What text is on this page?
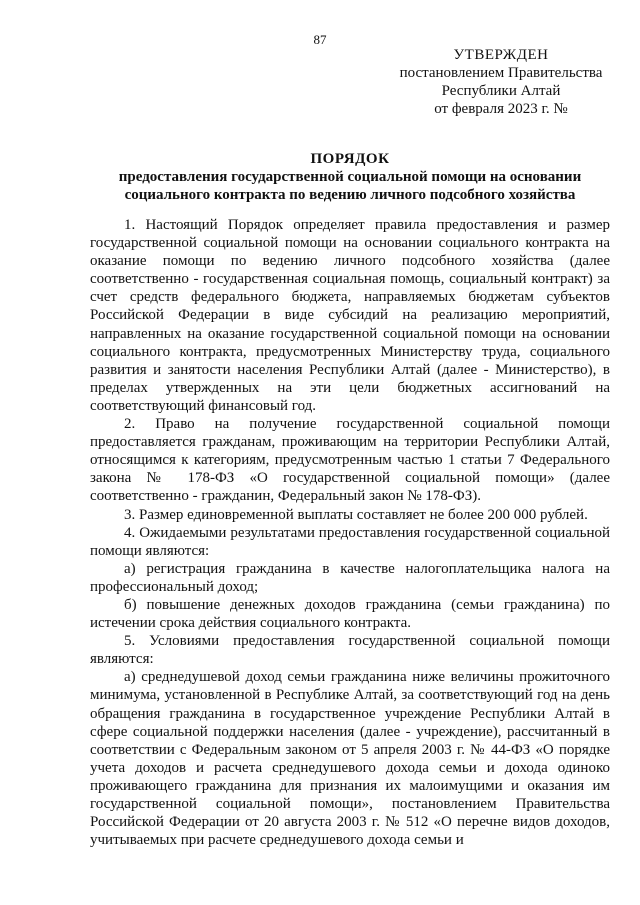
87
УТВЕРЖДЕН
постановлением Правительства
Республики Алтай
от февраля 2023 г. №
ПОРЯДОК
предоставления государственной социальной помощи на основании
социального контракта по ведению личного подсобного хозяйства

1. Настоящий Порядок определяет правила предоставления и размер государственной социальной помощи на основании социального контракта на оказание помощи по ведению личного подсобного хозяйства (далее соответственно - государственная социальная помощь, социальный контракт) за счет средств федерального бюджета, направляемых бюджетам субъектов Российской Федерации в виде субсидий на реализацию мероприятий, направленных на оказание государственной социальной помощи на основании социального контракта, предусмотренных Министерству труда, социального развития и занятости населения Республики Алтай (далее - Министерство), в пределах утвержденных на эти цели бюджетных ассигнований на соответствующий финансовый год.

2. Право на получение государственной социальной помощи предоставляется гражданам, проживающим на территории Республики Алтай, относящимся к категориям, предусмотренным частью 1 статьи 7 Федерального закона № 178-ФЗ «О государственной социальной помощи» (далее соответственно - гражданин, Федеральный закон № 178-ФЗ).

3. Размер единовременной выплаты составляет не более 200 000 рублей.

4. Ожидаемыми результатами предоставления государственной социальной помощи являются:

а) регистрация гражданина в качестве налогоплательщика налога на профессиональный доход;

б) повышение денежных доходов гражданина (семьи гражданина) по истечении срока действия социального контракта.

5. Условиями предоставления государственной социальной помощи являются:

а) среднедушевой доход семьи гражданина ниже величины прожиточного минимума, установленной в Республике Алтай, за соответствующий год на день обращения гражданина в государственное учреждение Республики Алтай в сфере социальной поддержки населения (далее - учреждение), рассчитанный в соответствии с Федеральным законом от 5 апреля 2003 г. № 44-ФЗ «О порядке учета доходов и расчета среднедушевого дохода семьи и дохода одиноко проживающего гражданина для признания их малоимущими и оказания им государственной социальной помощи», постановлением Правительства Российской Федерации от 20 августа 2003 г. № 512 «О перечне видов доходов, учитываемых при расчете среднедушевого дохода семьи и
